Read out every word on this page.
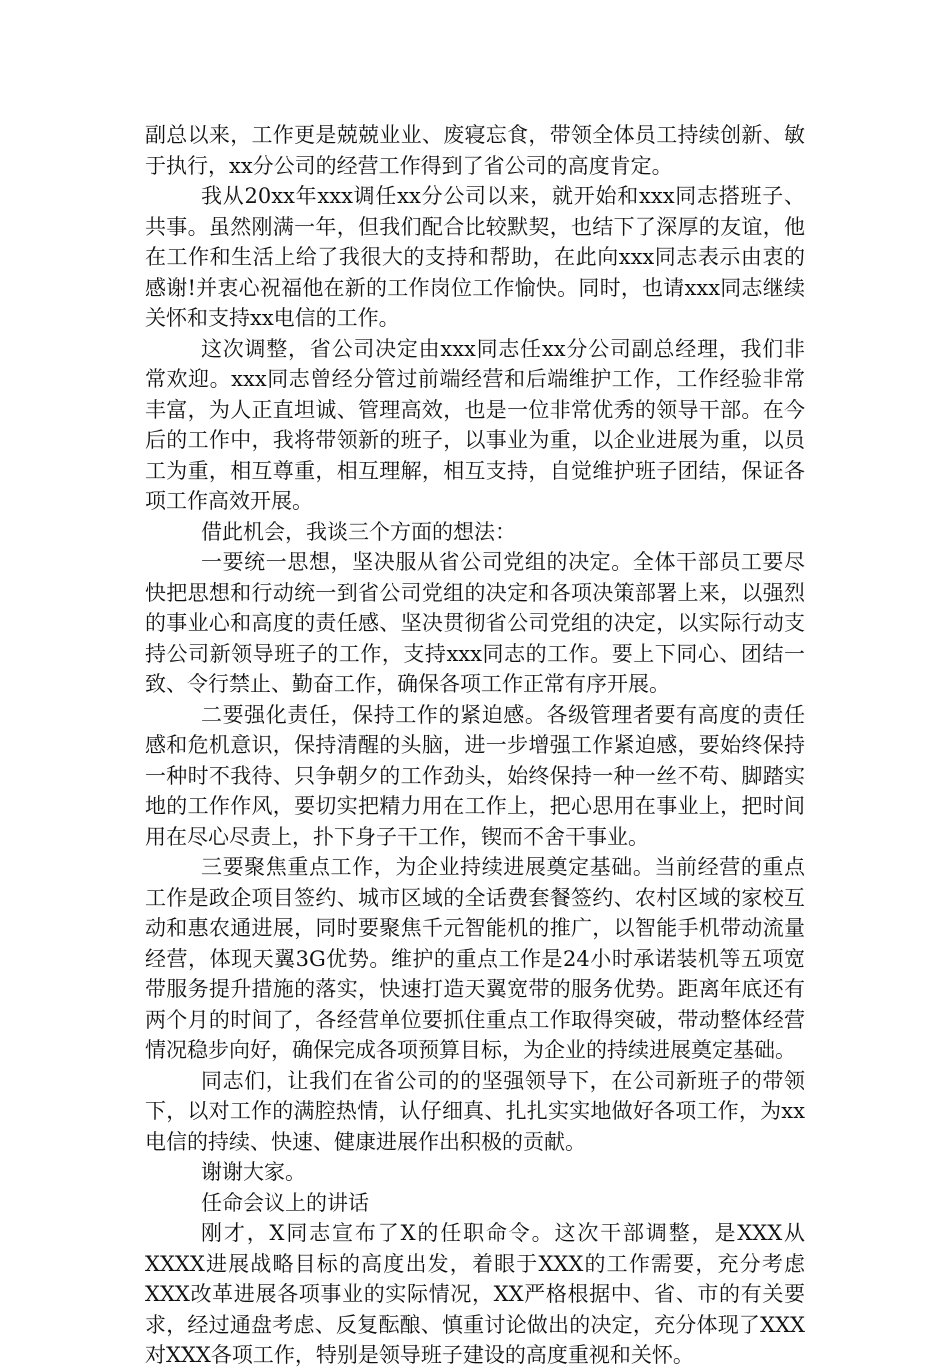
副总以来，工作更是兢兢业业、废寝忘食，带领全体员工持续创新、敏于执行，xx分公司的经营工作得到了省公司的高度肯定。

我从20xx年xxx调任xx分公司以来，就开始和xxx同志搭班子、共事。虽然刚满一年，但我们配合比较默契，也结下了深厚的友谊，他在工作和生活上给了我很大的支持和帮助，在此向xxx同志表示由衷的感谢!并衷心祝福他在新的工作岗位工作愉快。同时，也请xxx同志继续关怀和支持xx电信的工作。

这次调整，省公司决定由xxx同志任xx分公司副总经理，我们非常欢迎。xxx同志曾经分管过前端经营和后端维护工作，工作经验非常丰富，为人正直坦诚、管理高效，也是一位非常优秀的领导干部。在今后的工作中，我将带领新的班子，以事业为重，以企业进展为重，以员工为重，相互尊重，相互理解，相互支持，自觉维护班子团结，保证各项工作高效开展。

借此机会，我谈三个方面的想法：

一要统一思想，坚决服从省公司党组的决定。全体干部员工要尽快把思想和行动统一到省公司党组的决定和各项决策部署上来，以强烈的事业心和高度的责任感、坚决贯彻省公司党组的决定，以实际行动支持公司新领导班子的工作，支持xxx同志的工作。要上下同心、团结一致、令行禁止、勤奋工作，确保各项工作正常有序开展。

二要强化责任，保持工作的紧迫感。各级管理者要有高度的责任感和危机意识，保持清醒的头脑，进一步增强工作紧迫感，要始终保持一种时不我待、只争朝夕的工作劲头，始终保持一种一丝不苟、脚踏实地的工作作风，要切实把精力用在工作上，把心思用在事业上，把时间用在尽心尽责上，扑下身子干工作，锲而不舍干事业。

三要聚焦重点工作，为企业持续进展奠定基础。当前经营的重点工作是政企项目签约、城市区域的全话费套餐签约、农村区域的家校互动和惠农通进展，同时要聚焦千元智能机的推广，以智能手机带动流量经营，体现天翼3G优势。维护的重点工作是24小时承诺装机等五项宽带服务提升措施的落实，快速打造天翼宽带的服务优势。距离年底还有两个月的时间了，各经营单位要抓住重点工作取得突破，带动整体经营情况稳步向好，确保完成各项预算目标，为企业的持续进展奠定基础。

同志们，让我们在省公司的的坚强领导下，在公司新班子的带领下，以对工作的满腔热情，认仔细真、扎扎实实地做好各项工作，为xx电信的持续、快速、健康进展作出积极的贡献。

谢谢大家。

任命会议上的讲话

刚才，X同志宣布了X的任职命令。这次干部调整，是XXX从XXXX进展战略目标的高度出发，着眼于XXX的工作需要，充分考虑XXX改革进展各项事业的实际情况，XX严格根据中、省、市的有关要求，经过通盘考虑、反复酝酿、慎重讨论做出的决定，充分体现了XXX对XXX各项工作，特别是领导班子建设的高度重视和关怀。
